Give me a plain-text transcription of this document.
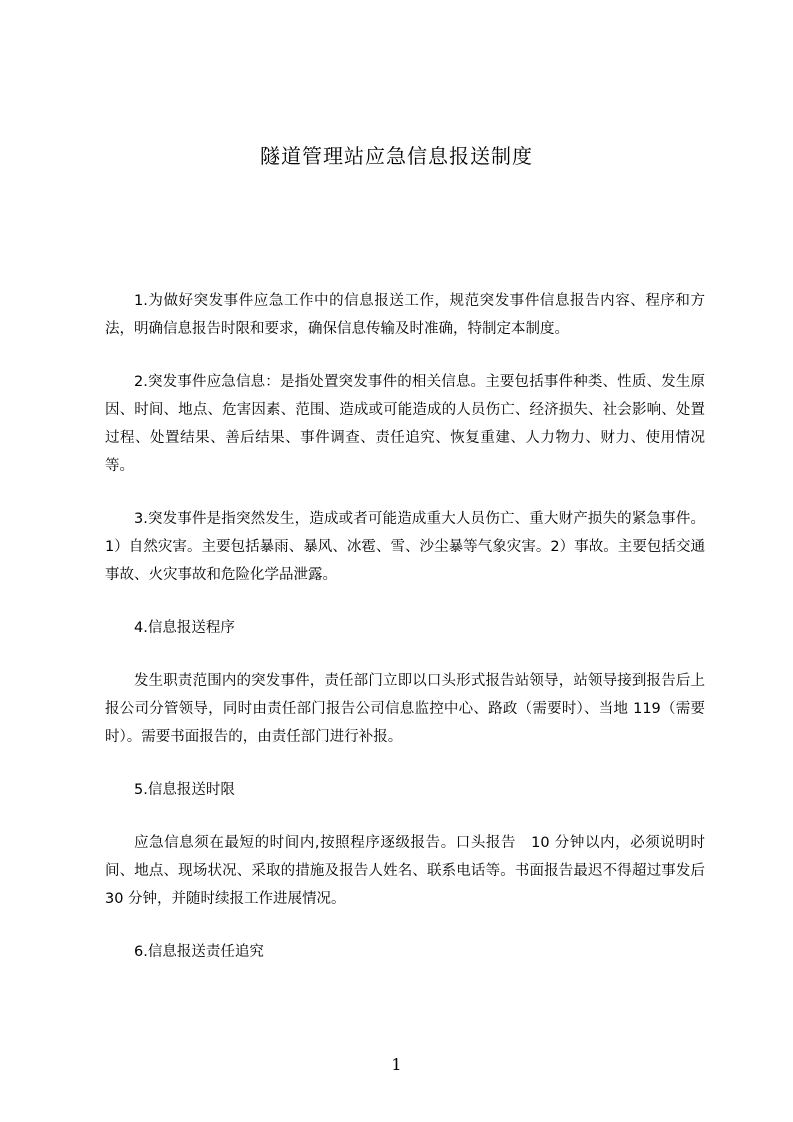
隧道管理站应急信息报送制度

1.为做好突发事件应急工作中的信息报送工作，规范突发事件信息报告内容、程序和方法，明确信息报告时限和要求，确保信息传输及时准确，特制定本制度。

2.突发事件应急信息：是指处置突发事件的相关信息。主要包括事件种类、性质、发生原因、时间、地点、危害因素、范围、造成或可能造成的人员伤亡、经济损失、社会影响、处置过程、处置结果、善后结果、事件调查、责任追究、恢复重建、人力物力、财力、使用情况等。

3.突发事件是指突然发生，造成或者可能造成重大人员伤亡、重大财产损失的紧急事件。1）自然灾害。主要包括暴雨、暴风、冰雹、雪、沙尘暴等气象灾害。2）事故。主要包括交通事故、火灾事故和危险化学品泄露。

4.信息报送程序

发生职责范围内的突发事件，责任部门立即以口头形式报告站领导，站领导接到报告后上报公司分管领导，同时由责任部门报告公司信息监控中心、路政（需要时）、当地 119（需要时）。需要书面报告的，由责任部门进行补报。

5.信息报送时限

应急信息须在最短的时间内,按照程序逐级报告。口头报告　10 分钟以内，必须说明时间、地点、现场状况、采取的措施及报告人姓名、联系电话等。书面报告最迟不得超过事发后 30 分钟，并随时续报工作进展情况。

6.信息报送责任追究

1
